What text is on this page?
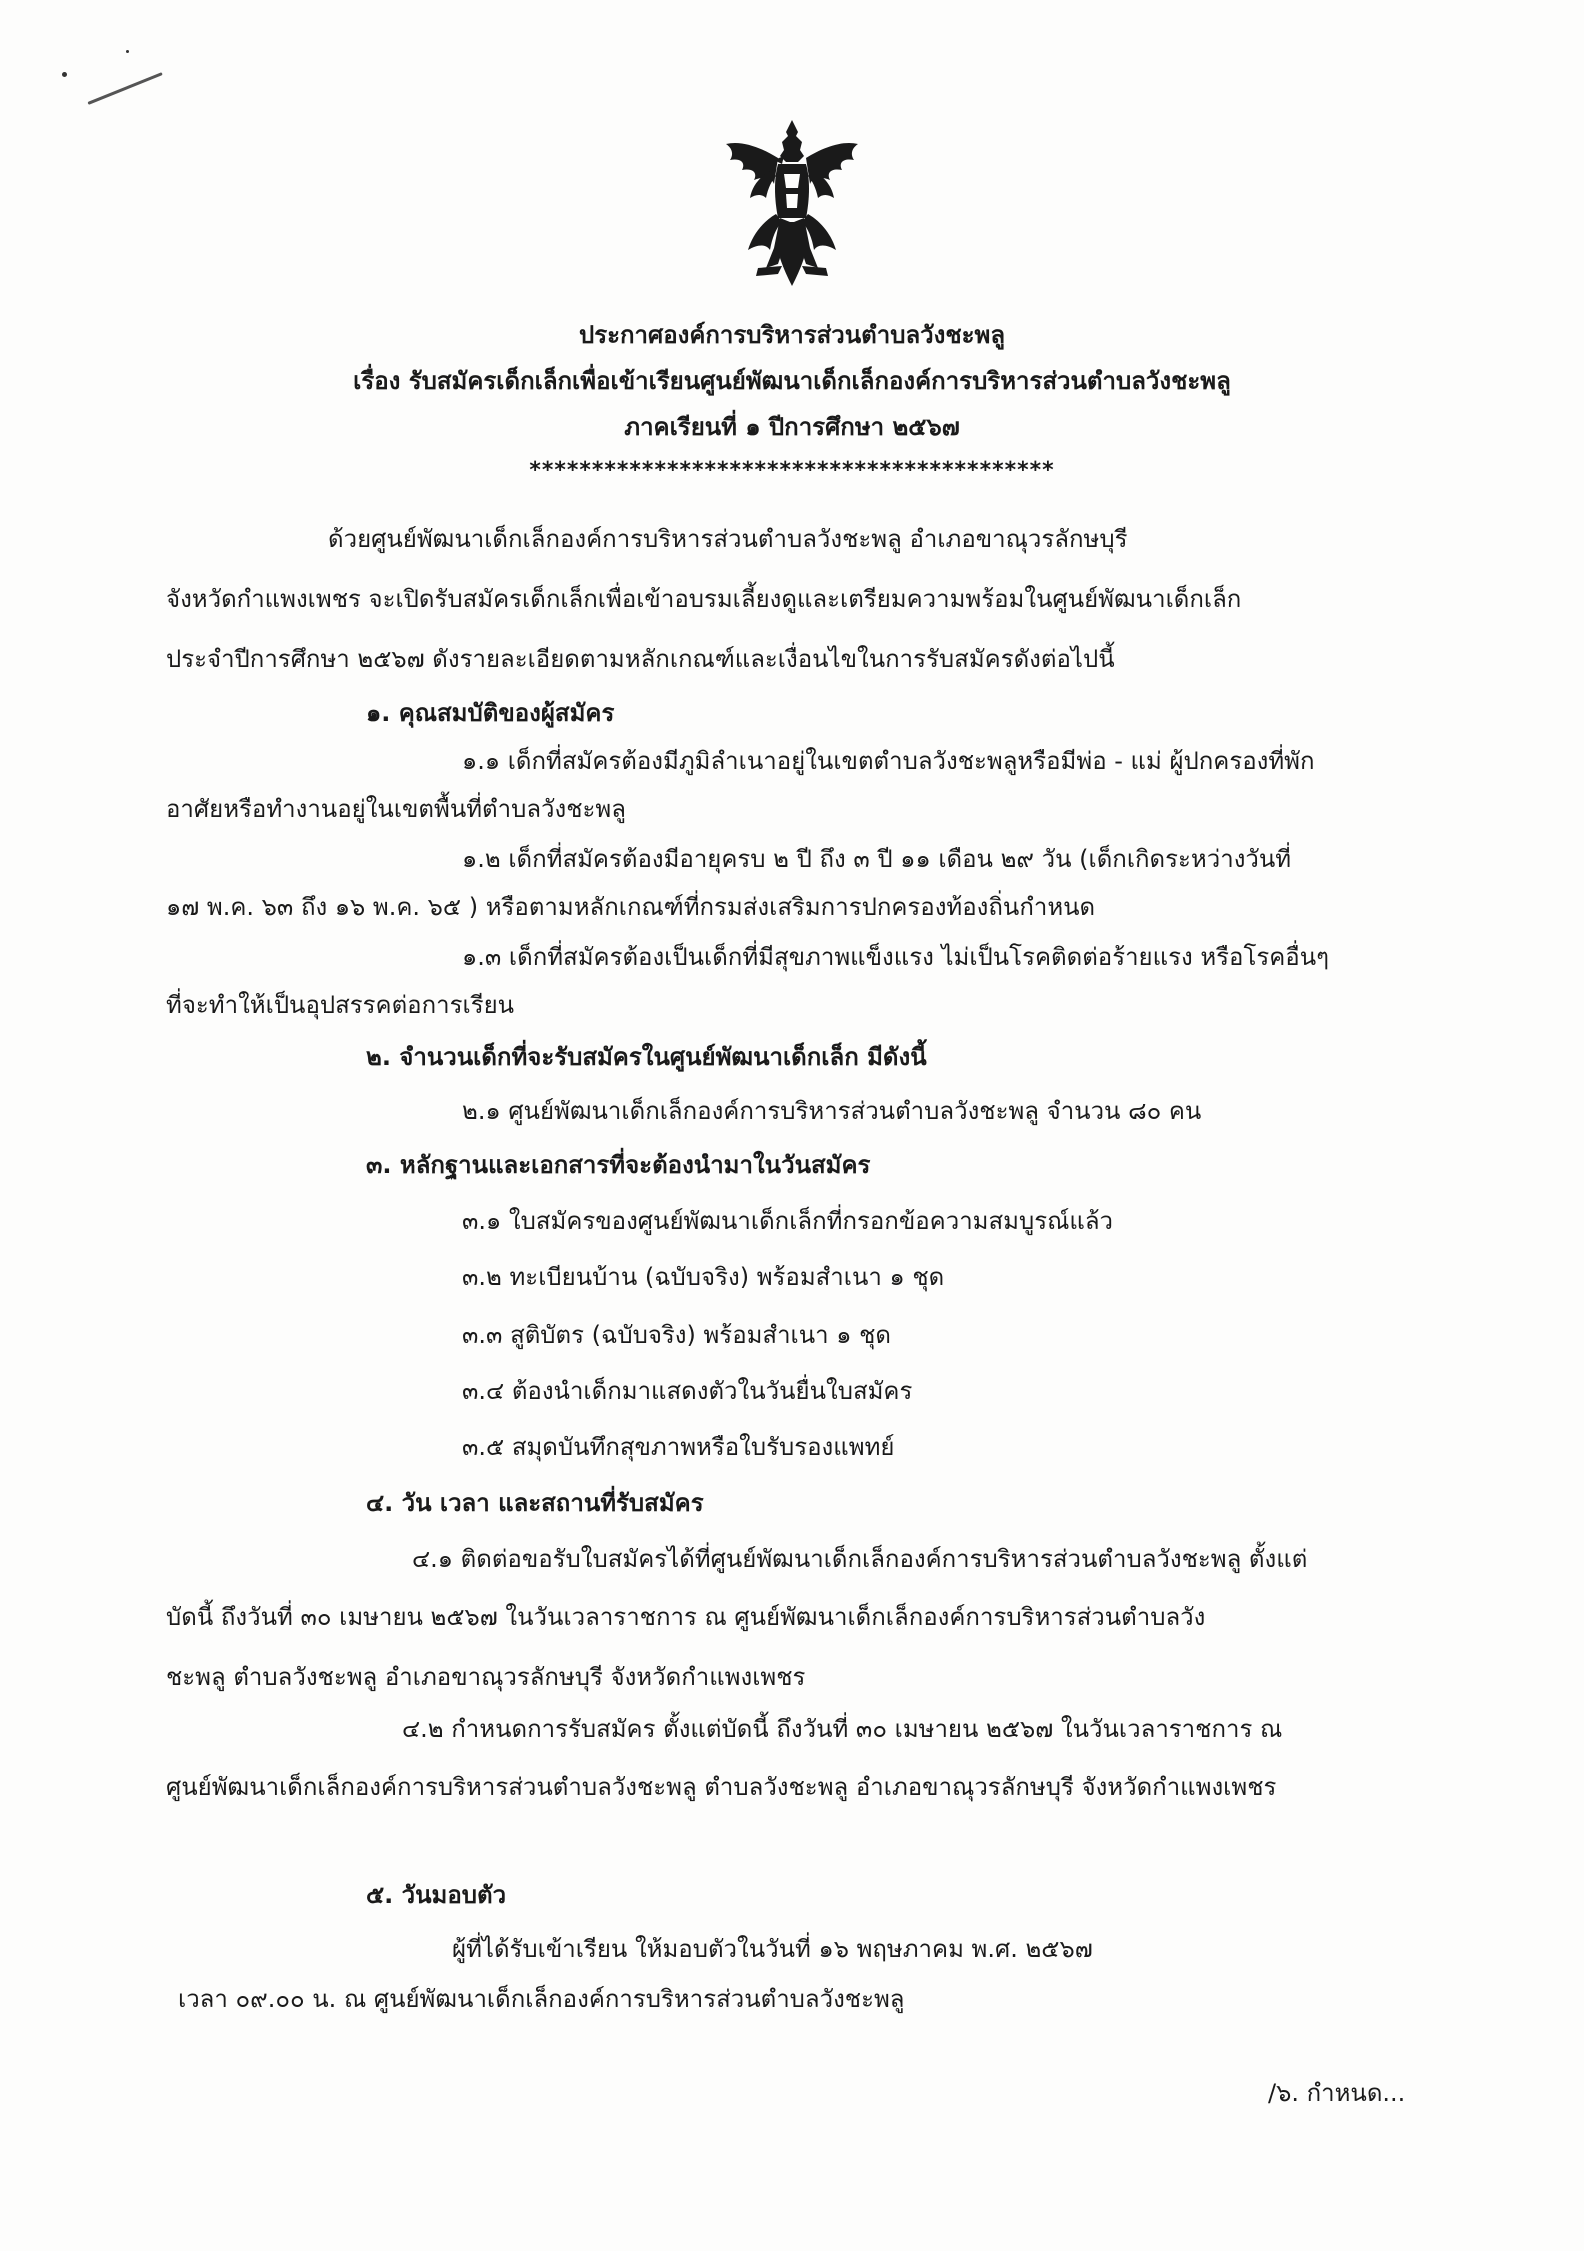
ประกาศองค์การบริหารส่วนตำบลวังชะพลู
เรื่อง รับสมัครเด็กเล็กเพื่อเข้าเรียนศูนย์พัฒนาเด็กเล็กองค์การบริหารส่วนตำบลวังชะพลู
ภาคเรียนที่ ๑ ปีการศึกษา ๒๕๖๗
******************************************
ด้วยศูนย์พัฒนาเด็กเล็กองค์การบริหารส่วนตำบลวังชะพลู อำเภอขาณุวรลักษบุรี
จังหวัดกำแพงเพชร จะเปิดรับสมัครเด็กเล็กเพื่อเข้าอบรมเลี้ยงดูและเตรียมความพร้อมในศูนย์พัฒนาเด็กเล็ก
ประจำปีการศึกษา ๒๕๖๗ ดังรายละเอียดตามหลักเกณฑ์และเงื่อนไขในการรับสมัครดังต่อไปนี้
๑. คุณสมบัติของผู้สมัคร
๑.๑ เด็กที่สมัครต้องมีภูมิลำเนาอยู่ในเขตตำบลวังชะพลูหรือมีพ่อ - แม่ ผู้ปกครองที่พัก
อาศัยหรือทำงานอยู่ในเขตพื้นที่ตำบลวังชะพลู
๑.๒ เด็กที่สมัครต้องมีอายุครบ ๒ ปี ถึง ๓ ปี ๑๑ เดือน ๒๙ วัน (เด็กเกิดระหว่างวันที่
๑๗ พ.ค. ๖๓ ถึง ๑๖ พ.ค. ๖๕ ) หรือตามหลักเกณฑ์ที่กรมส่งเสริมการปกครองท้องถิ่นกำหนด
๑.๓ เด็กที่สมัครต้องเป็นเด็กที่มีสุขภาพแข็งแรง ไม่เป็นโรคติดต่อร้ายแรง หรือโรคอื่นๆ
ที่จะทำให้เป็นอุปสรรคต่อการเรียน
๒. จำนวนเด็กที่จะรับสมัครในศูนย์พัฒนาเด็กเล็ก มีดังนี้
๒.๑ ศูนย์พัฒนาเด็กเล็กองค์การบริหารส่วนตำบลวังชะพลู จำนวน ๘๐ คน
๓. หลักฐานและเอกสารที่จะต้องนำมาในวันสมัคร
๓.๑ ใบสมัครของศูนย์พัฒนาเด็กเล็กที่กรอกข้อความสมบูรณ์แล้ว
๓.๒ ทะเบียนบ้าน (ฉบับจริง) พร้อมสำเนา ๑ ชุด
๓.๓ สูติบัตร (ฉบับจริง) พร้อมสำเนา ๑ ชุด
๓.๔ ต้องนำเด็กมาแสดงตัวในวันยื่นใบสมัคร
๓.๕ สมุดบันทึกสุขภาพหรือใบรับรองแพทย์
๔. วัน เวลา และสถานที่รับสมัคร
๔.๑ ติดต่อขอรับใบสมัครได้ที่ศูนย์พัฒนาเด็กเล็กองค์การบริหารส่วนตำบลวังชะพลู ตั้งแต่
บัดนี้ ถึงวันที่ ๓๐ เมษายน ๒๕๖๗ ในวันเวลาราชการ ณ ศูนย์พัฒนาเด็กเล็กองค์การบริหารส่วนตำบลวัง
ชะพลู ตำบลวังชะพลู อำเภอขาณุวรลักษบุรี จังหวัดกำแพงเพชร
๔.๒ กำหนดการรับสมัคร ตั้งแต่บัดนี้ ถึงวันที่ ๓๐ เมษายน ๒๕๖๗ ในวันเวลาราชการ ณ
ศูนย์พัฒนาเด็กเล็กองค์การบริหารส่วนตำบลวังชะพลู ตำบลวังชะพลู อำเภอขาณุวรลักษบุรี จังหวัดกำแพงเพชร
๕. วันมอบตัว
ผู้ที่ได้รับเข้าเรียน ให้มอบตัวในวันที่ ๑๖ พฤษภาคม พ.ศ. ๒๕๖๗
เวลา ๐๙.๐๐ น. ณ ศูนย์พัฒนาเด็กเล็กองค์การบริหารส่วนตำบลวังชะพลู
/๖. กำหนด...
